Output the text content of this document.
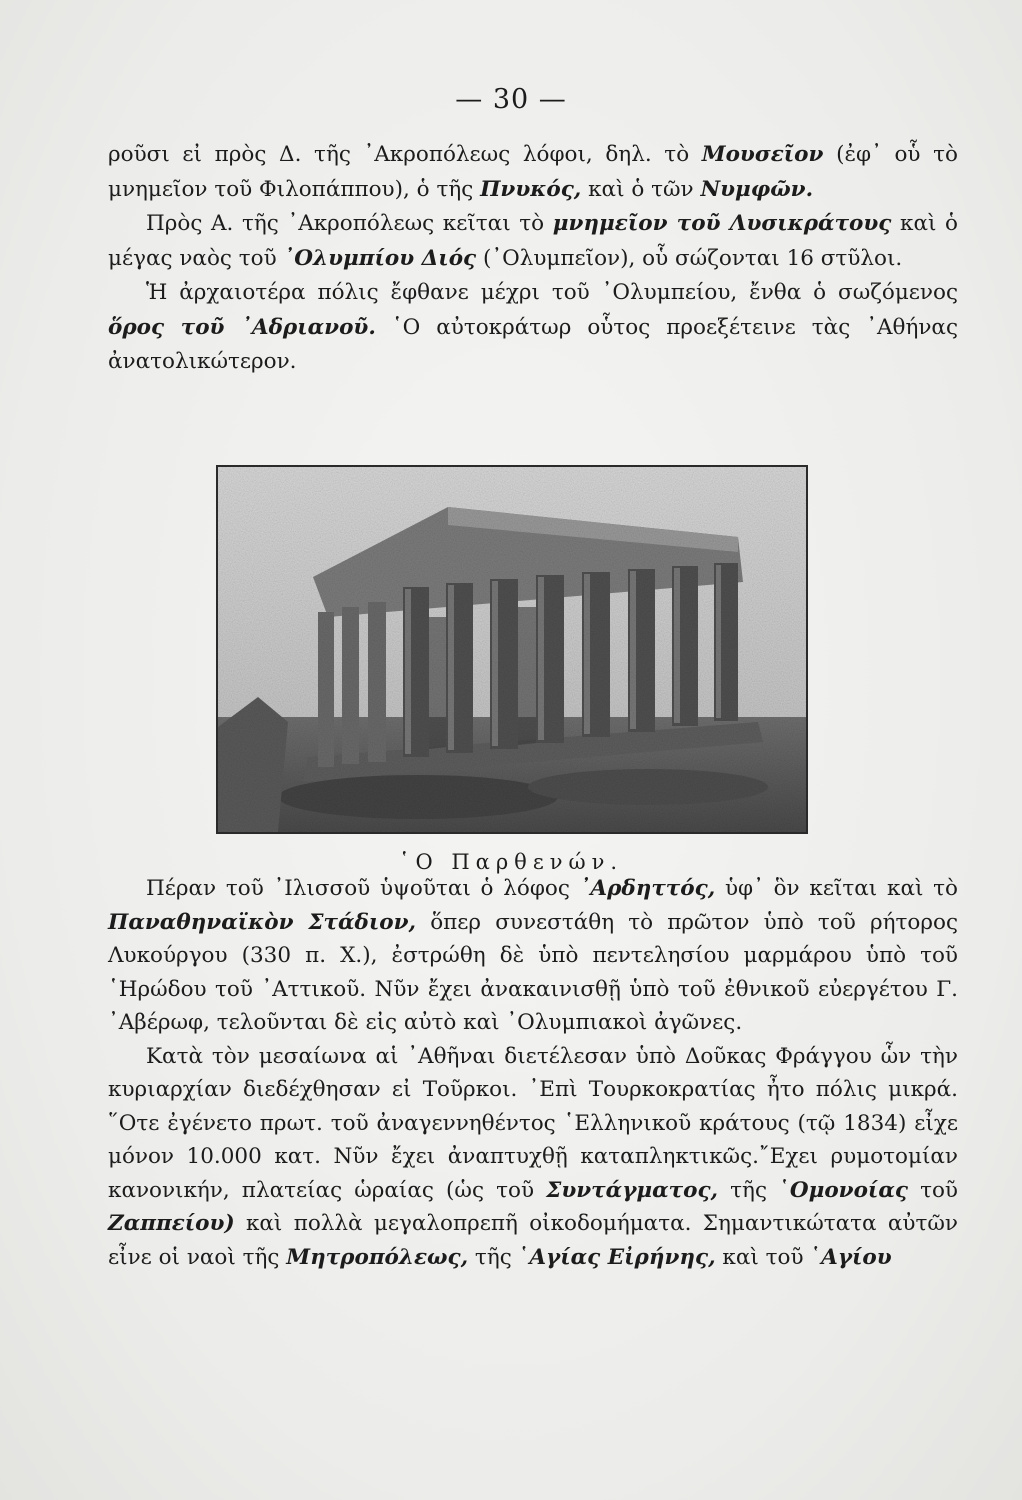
— 30 —

ροῦσι εἰ πρὸς Δ. τῆς ᾿Ακροπόλεως λόφοι, δηλ. τὸ Μουσεῖον (ἐφ᾿ οὗ τὸ μνημεῖον τοῦ Φιλοπάππου), ὁ τῆς Πνυκός, καὶ ὁ τῶν Νυμφῶν.

Πρὸς Α. τῆς ᾿Ακροπόλεως κεῖται τὸ μνημεῖον τοῦ Λυσικράτους καὶ ὁ μέγας ναὸς τοῦ ᾿Ολυμπίου Διός (᾿Ολυμπεῖον), οὗ σώζονται 16 στῦλοι.

Ἡ ἀρχαιοτέρα πόλις ἔφθανε μέχρι τοῦ ᾿Ολυμπείου, ἔνθα ὁ σωζόμενος ὅρος τοῦ ᾿Αδριανοῦ. ῾Ο αὐτοκράτωρ οὗτος προεξέτεινε τὰς ᾿Αθήνας ἀνατολικώτερον.

῾Ο Παρθενών.

Πέραν τοῦ ᾿Ιλισσοῦ ὑψοῦται ὁ λόφος ᾿Αρδηττός, ὑφ᾿ ὃν κεῖται καὶ τὸ Παναθηναϊκὸν Στάδιον, ὅπερ συνεστάθη τὸ πρῶτον ὑπὸ τοῦ ρήτορος Λυκούργου (330 π. Χ.), ἐστρώθη δὲ ὑπὸ πεντελησίου μαρμάρου ὑπὸ τοῦ ῾Ηρώδου τοῦ ᾿Αττικοῦ. Νῦν ἔχει ἀνακαινισθῇ ὑπὸ τοῦ ἐθνικοῦ εὐεργέτου Γ. ᾿Αβέρωφ, τελοῦνται δὲ εἰς αὐτὸ καὶ ᾿Ολυμπιακοὶ ἀγῶνες.

Κατὰ τὸν μεσαίωνα αἱ ᾿Αθῆναι διετέλεσαν ὑπὸ Δοῦκας Φράγγου ὧν τὴν κυριαρχίαν διεδέχθησαν εἰ Τοῦρκοι. ᾿Επὶ Τουρκοκρατίας ἦτο πόλις μικρά. ῞Οτε ἐγένετο πρωτ. τοῦ ἀναγεννηθέντος ῾Ελληνικοῦ κράτους (τῷ 1834) εἶχε μόνον 10.000 κατ. Νῦν ἔχει ἀναπτυχθῇ καταπληκτικῶς.῎Εχει ρυμοτομίαν κανονικήν, πλατείας ὡραίας (ὡς τοῦ Συντάγματος, τῆς ῾Ομονοίας τοῦ Ζαππείου) καὶ πολλὰ μεγαλοπρεπῆ οἰκοδομήματα. Σημαντικώτατα αὐτῶν εἶνε οἱ ναοὶ τῆς Μητροπόλεως, τῆς ῾Αγίας Εἰρήνης, καὶ τοῦ ῾Αγίου
